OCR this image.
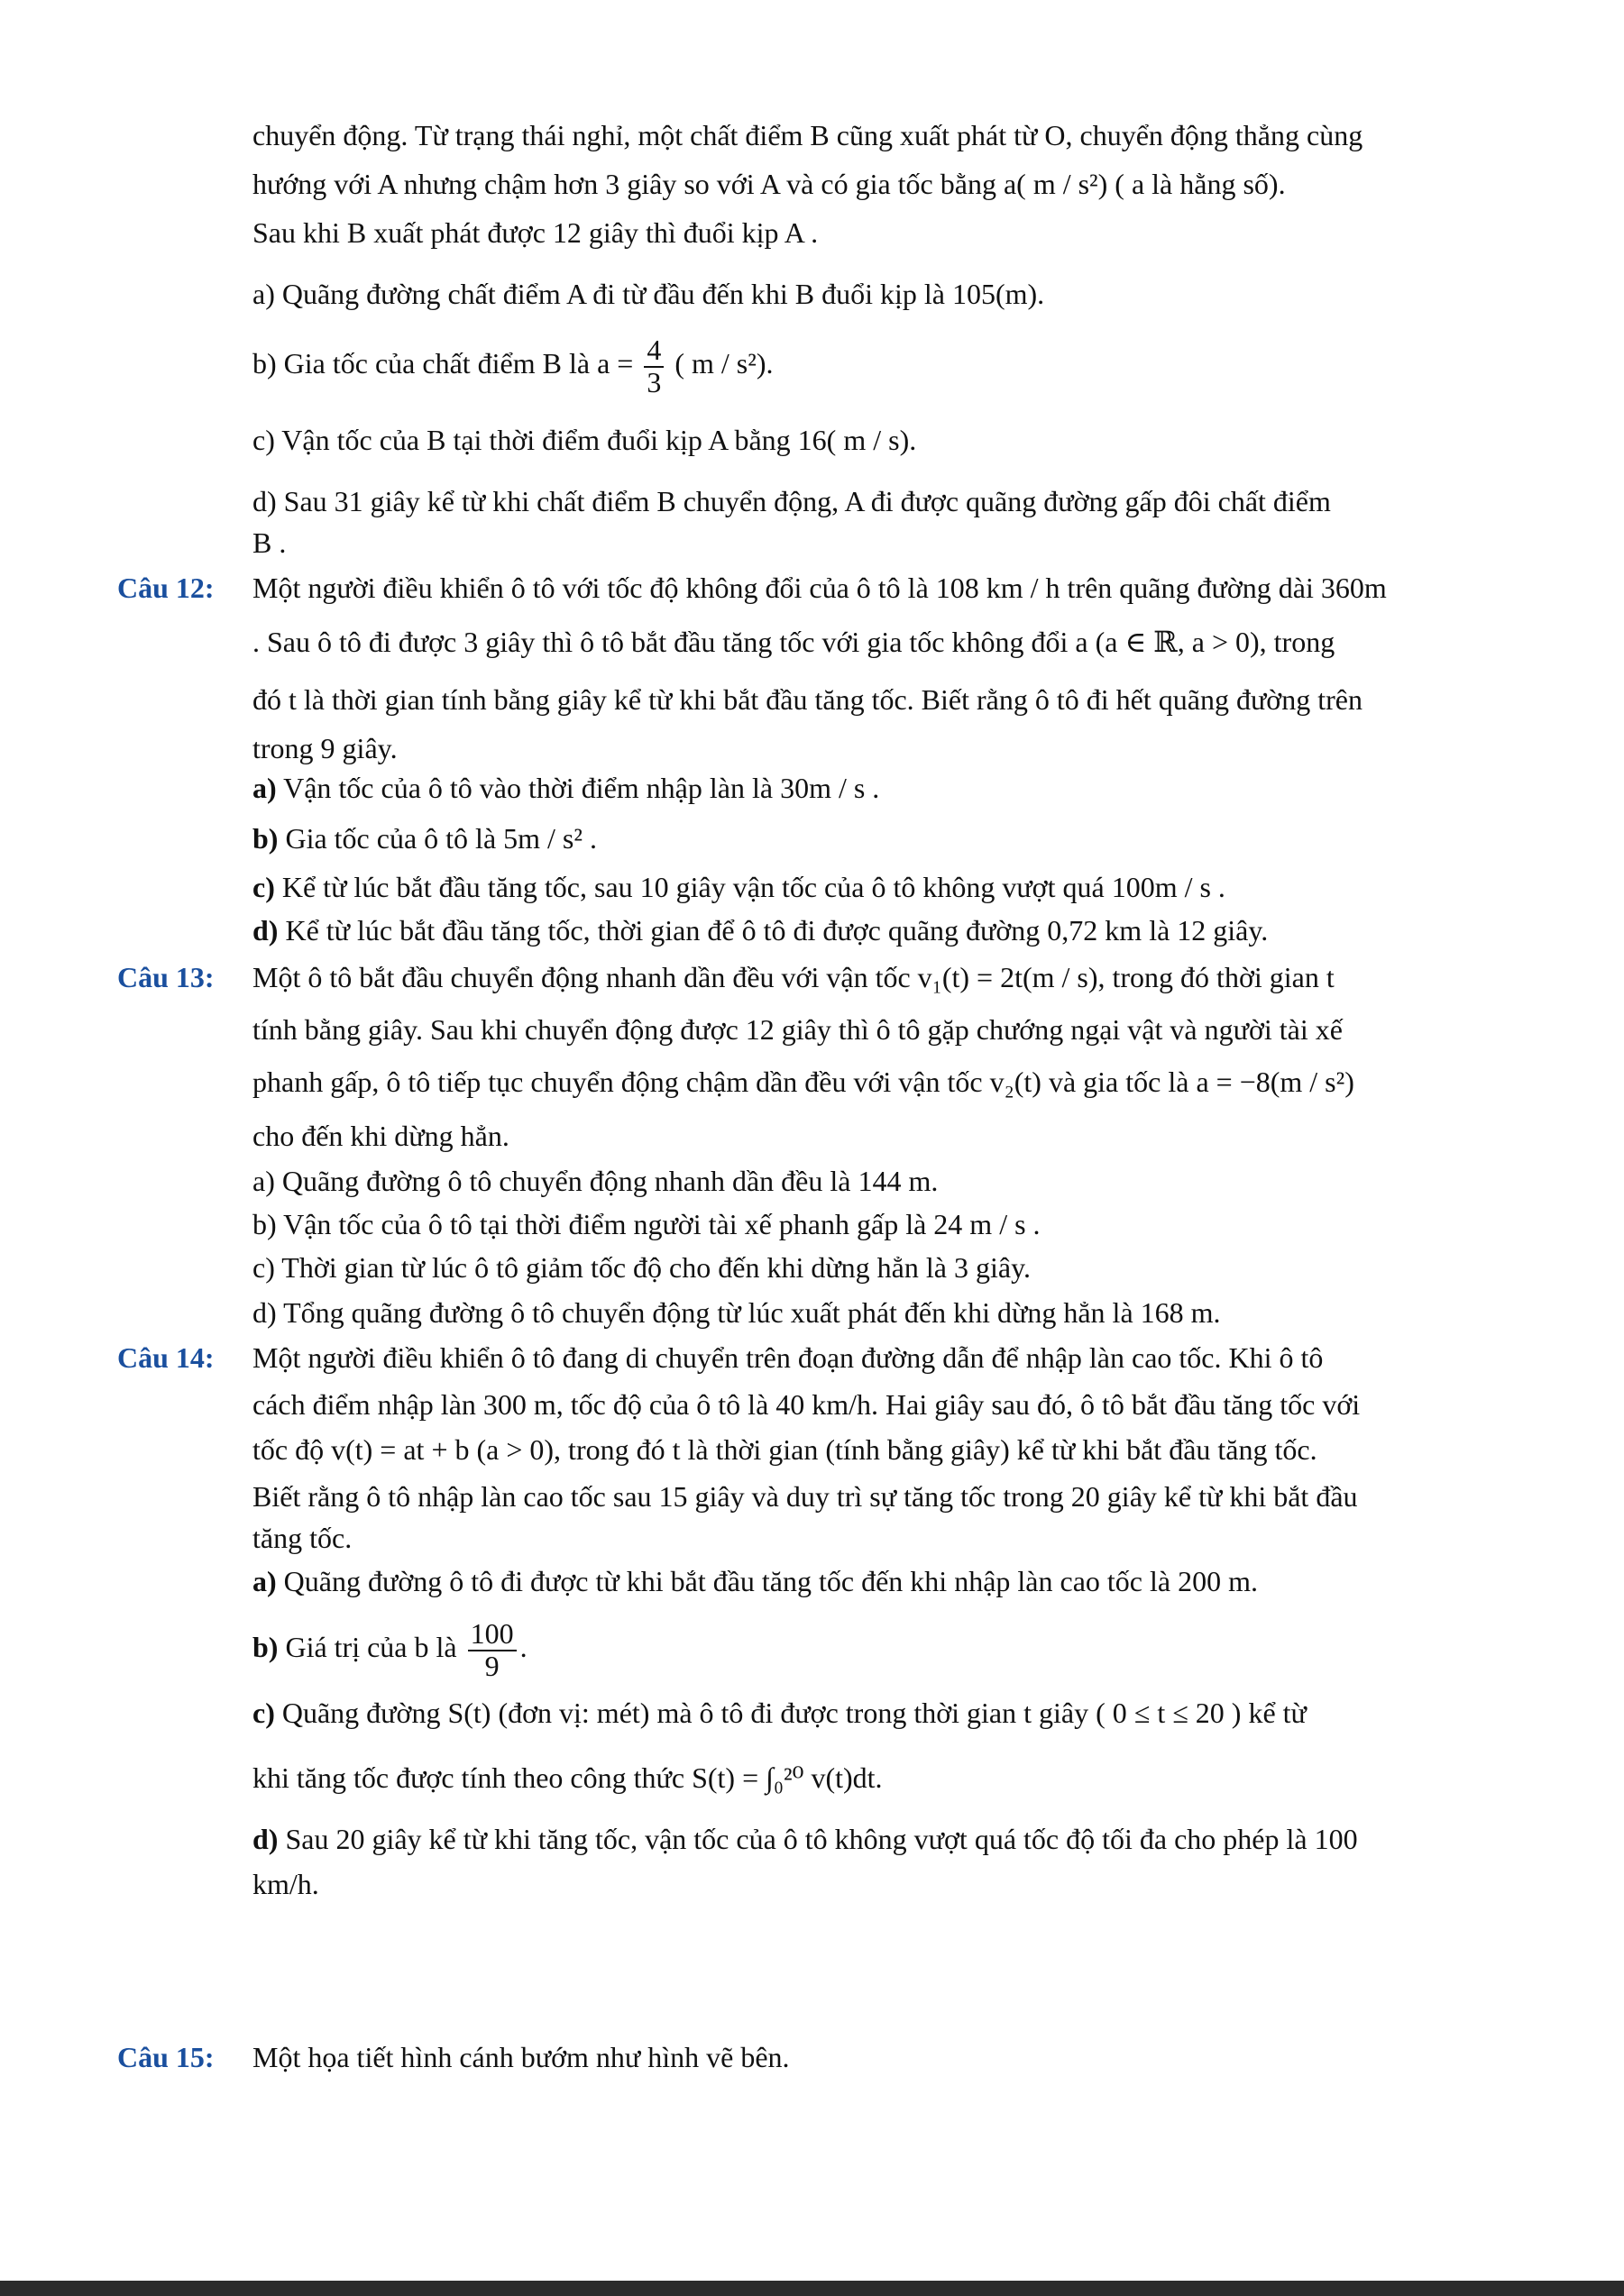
chuyển động. Từ trạng thái nghỉ, một chất điểm B cũng xuất phát từ O, chuyển động thẳng cùng
hướng với A nhưng chậm hơn 3 giây so với A và có gia tốc bằng a( m / s²) ( a là hằng số).
Sau khi B xuất phát được 12 giây thì đuổi kịp A .
a) Quãng đường chất điểm A đi từ đầu đến khi B đuổi kịp là 105(m).
b) Gia tốc của chất điểm B là $a = \frac{4}{3}$ ( m / s²).
c) Vận tốc của B tại thời điểm đuổi kịp A bằng 16( m / s).
d) Sau 31 giây kể từ khi chất điểm B chuyển động, A đi được quãng đường gấp đôi chất điểm
B .
Câu 12: Một người điều khiển ô tô với tốc độ không đổi của ô tô là 108 km / h trên quãng đường dài 360m
. Sau ô tô đi được 3 giây thì ô tô bắt đầu tăng tốc với gia tốc không đổi a (a ∈ ℝ, a > 0), trong
đó t là thời gian tính bằng giây kể từ khi bắt đầu tăng tốc. Biết rằng ô tô đi hết quãng đường trên
trong 9 giây.
a) Vận tốc của ô tô vào thời điểm nhập làn là 30m / s .
b) Gia tốc của ô tô là 5m / s² .
c) Kể từ lúc bắt đầu tăng tốc, sau 10 giây vận tốc của ô tô không vượt quá 100m / s .
d) Kể từ lúc bắt đầu tăng tốc, thời gian để ô tô đi được quãng đường 0,72 km là 12 giây.
Câu 13: Một ô tô bắt đầu chuyển động nhanh dần đều với vận tốc v₁(t) = 2t(m / s), trong đó thời gian t
tính bằng giây. Sau khi chuyển động được 12 giây thì ô tô gặp chướng ngại vật và người tài xế
phanh gấp, ô tô tiếp tục chuyển động chậm dần đều với vận tốc v₂(t) và gia tốc là a = −8(m / s²)
cho đến khi dừng hẳn.
a) Quãng đường ô tô chuyển động nhanh dần đều là 144 m.
b) Vận tốc của ô tô tại thời điểm người tài xế phanh gấp là 24 m / s .
c) Thời gian từ lúc ô tô giảm tốc độ cho đến khi dừng hẳn là 3 giây.
d) Tổng quãng đường ô tô chuyển động từ lúc xuất phát đến khi dừng hẳn là 168 m.
Câu 14: Một người điều khiển ô tô đang di chuyển trên đoạn đường dẫn để nhập làn cao tốc. Khi ô tô
cách điểm nhập làn 300 m, tốc độ của ô tô là 40 km/h. Hai giây sau đó, ô tô bắt đầu tăng tốc với
tốc độ v(t) = at + b (a > 0), trong đó t là thời gian (tính bằng giây) kể từ khi bắt đầu tăng tốc.
Biết rằng ô tô nhập làn cao tốc sau 15 giây và duy trì sự tăng tốc trong 20 giây kể từ khi bắt đầu
tăng tốc.
a) Quãng đường ô tô đi được từ khi bắt đầu tăng tốc đến khi nhập làn cao tốc là 200 m.
b) Giá trị của b là $\frac{100}{9}$ .
c) Quãng đường S(t) (đơn vị: mét) mà ô tô đi được trong thời gian t giây ( 0 ≤ t ≤ 20 ) kể từ
khi tăng tốc được tính theo công thức S(t) = ∫₀²⁰ v(t)dt.
d) Sau 20 giây kể từ khi tăng tốc, vận tốc của ô tô không vượt quá tốc độ tối đa cho phép là 100
km/h.
Câu 15: Một họa tiết hình cánh bướm như hình vẽ bên.
